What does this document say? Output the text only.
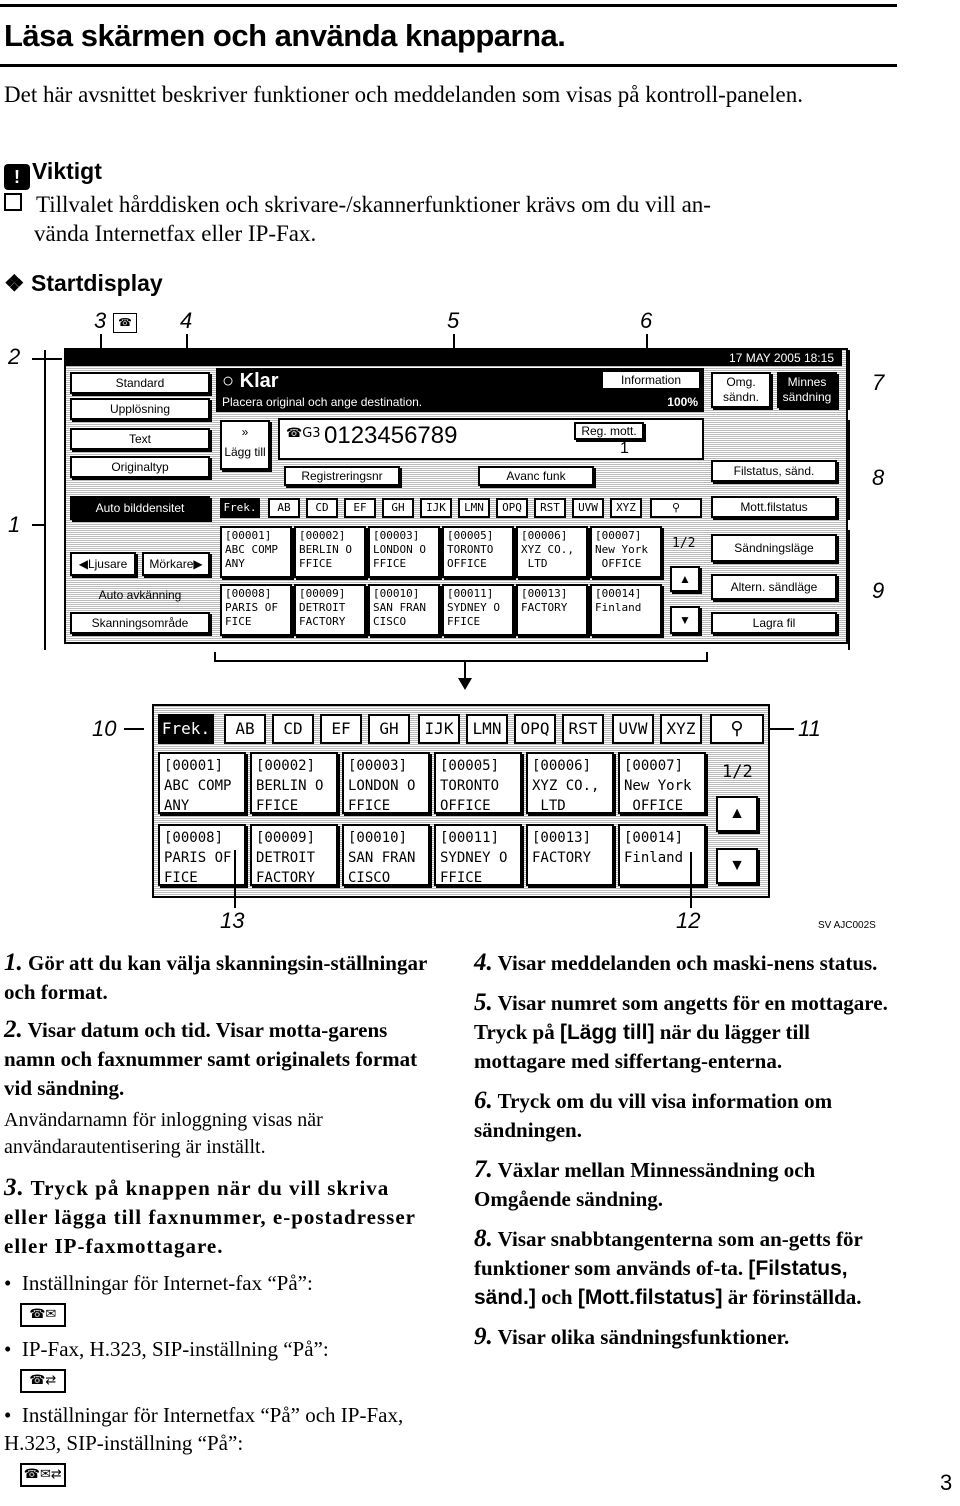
Läsa skärmen och använda knapparna.
Det här avsnittet beskriver funktioner och meddelanden som visas på kontroll-panelen.
! Viktigt
Tillvalet hårddisken och skrivare-/skannerfunktioner krävs om du vill an-
vända Internetfax eller IP-Fax.
❖ Startdisplay
3	☎ 4	5	6
2
1
7
8
9
17 MAY 2005 18:15
Standard
Upplösning
Text
Originaltyp
Auto bilddensitet
◀Ljusare	Mörkare▶
Auto avkänning
Skanningsområde
○ Klar
Placera original och ange destination.	100%
Information	Omg. sändn.
Minnes sändning
»
Lägg till
☎G3 0123456789	Reg. mott.
1
Registreringsnr	Avanc funk	Filstatus, sänd.
Mott.filstatus
Sändningsläge
Altern. sändläge
Lagra fil
Frek.	AB	CD	EF	GH	IJK	LMN	OPQ	RST	UVW	XYZ	⚲
[00001]
ABC COMP
ANY
[00002]
BERLIN O
FFICE
[00003]
LONDON O
FFICE
[00005]
TORONTO
OFFICE
[00006]
XYZ CO.,
LTD
[00007]
New York
OFFICE
[00008]
PARIS OF
FICE
[00009]
DETROIT
FACTORY
[00010]
SAN FRAN
CISCO
[00011]
SYDNEY O
FFICE
[00013]
FACTORY

[00014]
Finland

1/2
▲
▼
10	11
Frek.	AB	CD	EF	GH	IJK	LMN	OPQ	RST	UVW	XYZ	⚲
[00001]
ABC COMP
ANY
[00002]
BERLIN O
FFICE
[00003]
LONDON O
FFICE
[00005]
TORONTO
OFFICE
[00006]
XYZ CO.,
LTD
[00007]
New York
OFFICE
[00008]
PARIS OF
FICE
[00009]
DETROIT
FACTORY
[00010]
SAN FRAN
CISCO
[00011]
SYDNEY O
FFICE
[00013]
FACTORY

[00014]
Finland

1/2
▲
▼
13	12	SV AJC002S
1. Gör att du kan välja skanningsin-ställningar och format.
2. Visar datum och tid. Visar motta-garens namn och faxnummer samt originalets format vid sändning.
Användarnamn för inloggning visas när användarautentisering är inställt.
3. Tryck på knappen när du vill skriva eller lägga till faxnummer, e-postadresser eller IP-faxmottagare.
•  Inställningar för Internet-fax “På”:
☎✉
•  IP-Fax, H.323, SIP-inställning “På”:
☎⇄
•  Inställningar för Internetfax “På” och IP-Fax, H.323, SIP-inställning “På”:
☎✉⇄
4. Visar meddelanden och maski-nens status.
5. Visar numret som angetts för en mottagare. Tryck på [Lägg till] när du lägger till mottagare med siffertang-enterna.
6. Tryck om du vill visa information om sändningen.
7. Växlar mellan Minnessändning och Omgående sändning.
8. Visar snabbtangenterna som an-getts för funktioner som används of-ta. [Filstatus, sänd.] och [Mott.filstatus] är förinställda.
9. Visar olika sändningsfunktioner.
3
